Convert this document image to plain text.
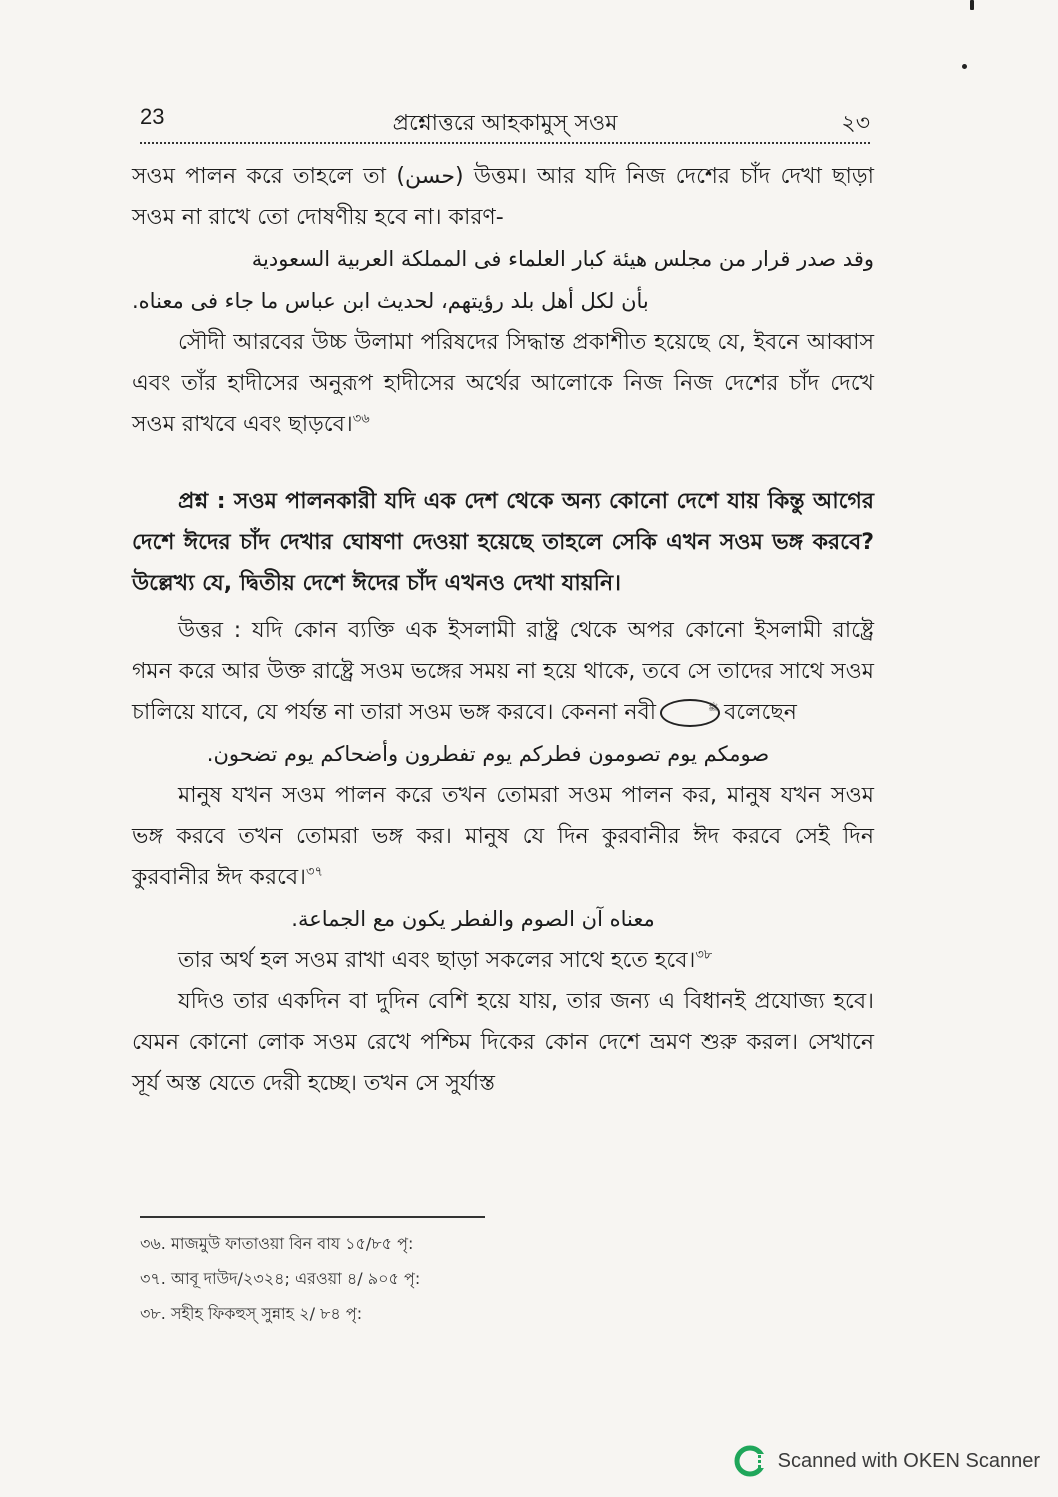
23	প্রশ্নোত্তরে আহকামুস্ সওম	২৩

সওম পালন করে তাহলে তা (حسن) উত্তম। আর যদি নিজ দেশের চাঁদ দেখা ছাড়া সওম না রাখে তো দোষণীয় হবে না। কারণ-

وقد صدر قرار من مجلس هيئة كبار العلماء فى المملكة العربية السعودية

بأن لكل أهل بلد رؤيتهم، لحديث ابن عباس ما جاء فى معناه.

সৌদী আরবের উচ্চ উলামা পরিষদের সিদ্ধান্ত প্রকাশীত হয়েছে যে, ইবনে আব্বাস এবং তাঁর হাদীসের অনুরূপ হাদীসের অর্থের আলোকে নিজ নিজ দেশের চাঁদ দেখে সওম রাখবে এবং ছাড়বে।$^{৩৬}$

প্রশ্ন : সওম পালনকারী যদি এক দেশ থেকে অন্য কোনো দেশে যায় কিন্তু আগের দেশে ঈদের চাঁদ দেখার ঘোষণা দেওয়া হয়েছে তাহলে সেকি এখন সওম ভঙ্গ করবে? উল্লেখ্য যে, দ্বিতীয় দেশে ঈদের চাঁদ এখনও দেখা যায়নি।

উত্তর : যদি কোন ব্যক্তি এক ইসলামী রাষ্ট্র থেকে অপর কোনো ইসলামী রাষ্ট্রে গমন করে আর উক্ত রাষ্ট্রে সওম ভঙ্গের সময় না হয়ে থাকে, তবে সে তাদের সাথে সওম চালিয়ে যাবে, যে পর্যন্ত না তারা সওম ভঙ্গ করবে। কেননা নবী	ﷺ বলেছেন

صومكم يوم تصومون فطركم يوم تفطرون وأضحاكم يوم تضحون.

মানুষ যখন সওম পালন করে তখন তোমরা সওম পালন কর, মানুষ যখন সওম ভঙ্গ করবে তখন তোমরা ভঙ্গ কর। মানুষ যে দিন কুরবানীর ঈদ করবে সেই দিন কুরবানীর ঈদ করবে।$^{৩৭}$

معناه آن الصوم والفطر يكون مع الجماعة.

তার অর্থ হল সওম রাখা এবং ছাড়া সকলের সাথে হতে হবে।$^{৩৮}$

যদিও তার একদিন বা দুদিন বেশি হয়ে যায়, তার জন্য এ বিধানই প্রযোজ্য হবে। যেমন কোনো লোক সওম রেখে পশ্চিম দিকের কোন দেশে ভ্রমণ শুরু করল। সেখানে সূর্য অস্ত যেতে দেরী হচ্ছে। তখন সে সুর্যাস্ত

৩৬. মাজমুউ ফাতাওয়া বিন বায ১৫/৮৫ পৃ:
৩৭. আবূ দাউদ/২৩২৪; এরওয়া ৪/ ৯০৫ পৃ:
৩৮. সহীহ ফিকহুস্ সুন্নাহ ২/ ৮৪ পৃ:
Scanned with OKEN Scanner
